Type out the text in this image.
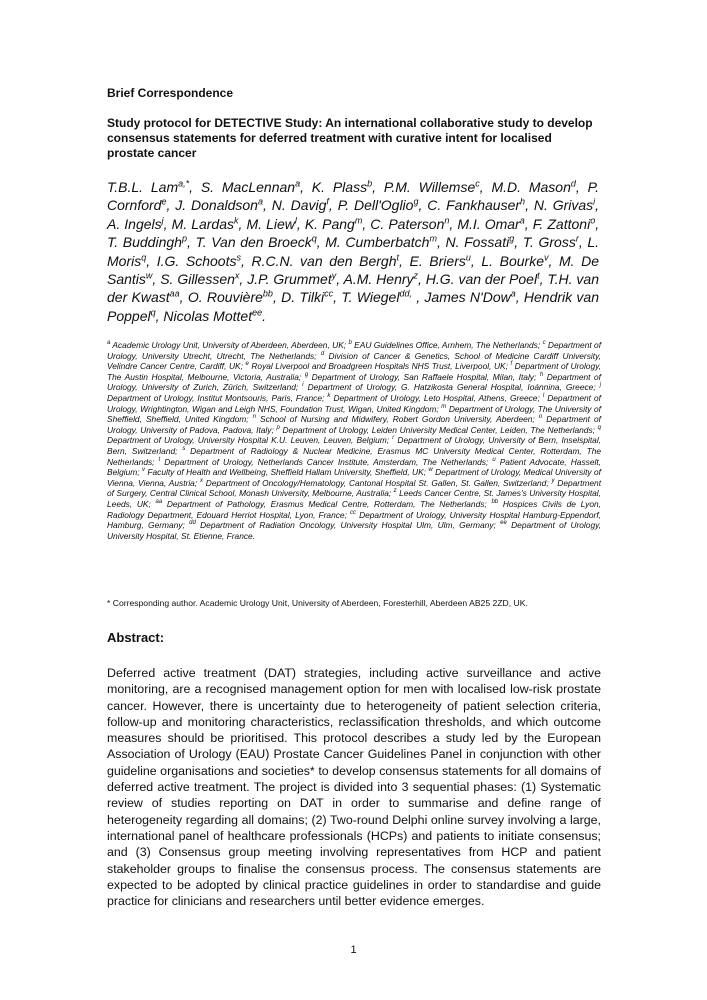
Brief Correspondence
Study protocol for DETECTIVE Study: An international collaborative study to develop consensus statements for deferred treatment with curative intent for localised prostate cancer
T.B.L. Lam$^{a,*}$, S. MacLennan$^a$, K. Plass$^b$, P.M. Willemse$^c$, M.D. Mason$^d$, P. Cornford$^e$, J. Donaldson$^a$, N. Davig$^f$, P. Dell'Oglio$^g$, C. Fankhauser$^h$, N. Grivas$^i$, A. Ingels$^j$, M. Lardas$^k$, M. Liew$^l$, K. Pang$^m$, C. Paterson$^n$, M.I. Omar$^a$, F. Zattoni$^o$, T. Buddingh$^p$, T. Van den Broeck$^q$, M. Cumberbatch$^m$, N. Fossati$^g$, T. Gross$^r$, L. Moris$^q$, I.G. Schoots$^s$, R.C.N. van den Bergh$^t$, E. Briers$^u$, L. Bourke$^v$, M. De Santis$^w$, S. Gillessen$^x$, J.P. Grummet$^y$, A.M. Henry$^z$, H.G. van der Poel$^t$, T.H. van der Kwast$^{aa}$, O. Rouvière$^{bb}$, D. Tilki$^{cc}$, T. Wiegel$^{dd,}$ , James N'Dow$^a$, Hendrik van Poppel$^q$, Nicolas Mottet$^{ee}$.
$^a$ Academic Urology Unit, University of Aberdeen, Aberdeen, UK; $^b$ EAU Guidelines Office, Arnhem, The Netherlands; $^c$ Department of Urology, University Utrecht, Utrecht, The Netherlands; $^d$ Division of Cancer & Genetics, School of Medicine Cardiff University, Velindre Cancer Centre, Cardiff, UK; $^e$ Royal Liverpool and Broadgreen Hospitals NHS Trust, Liverpool, UK; $^f$ Department of Urology, The Austin Hospital, Melbourne, Victoria, Australia; $^g$ Department of Urology, San Raffaele Hospital, Milan, Italy; $^h$ Department of Urology, University of Zurich, Zürich, Switzerland; $^i$ Department of Urology, G. Hatzikosta General Hospital, Ioánnina, Greece; $^j$ Department of Urology, Institut Montsouris, Paris, France; $^k$ Department of Urology, Leto Hospital, Athens, Greece; $^l$ Department of Urology, Wrightington, Wigan and Leigh NHS, Foundation Trust, Wigan, United Kingdom; $^m$ Department of Urology, The University of Sheffield, Sheffield, United Kingdom; $^n$ School of Nursing and Midwifery, Robert Gordon University, Aberdeen; $^o$ Department of Urology, University of Padova, Padova, Italy; $^p$ Department of Urology, Leiden University Medical Center, Leiden, The Netherlands; $^q$ Department of Urology, University Hospital K.U. Leuven, Leuven, Belgium; $^r$ Department of Urology, University of Bern, Inselspital, Bern, Switzerland; $^s$ Department of Radiology & Nuclear Medicine, Erasmus MC University Medical Center, Rotterdam, The Netherlands; $^t$ Department of Urology, Netherlands Cancer Institute, Amsterdam, The Netherlands; $^u$ Patient Advocate, Hasselt, Belgium; $^v$ Faculty of Health and Wellbeing, Sheffield Hallam University, Sheffield, UK; $^w$ Department of Urology, Medical University of Vienna, Vienna, Austria; $^x$ Department of Oncology/Hematology, Cantonal Hospital St. Gallen, St. Gallen, Switzerland; $^y$ Department of Surgery, Central Clinical School, Monash University, Melbourne, Australia; $^z$ Leeds Cancer Centre, St. James's University Hospital, Leeds, UK; $^{aa}$ Department of Pathology, Erasmus Medical Centre, Rotterdam, The Netherlands; $^{bb}$ Hospices Civils de Lyon, Radiology Department, Edouard Herriot Hospital, Lyon, France; $^{cc}$ Department of Urology, University Hospital Hamburg-Eppendorf, Hamburg, Germany; $^{dd}$ Department of Radiation Oncology, University Hospital Ulm, Ulm, Germany; $^{ee}$ Department of Urology, University Hospital, St. Etienne, France.
* Corresponding author. Academic Urology Unit, University of Aberdeen, Foresterhill, Aberdeen AB25 2ZD, UK.
Abstract:
Deferred active treatment (DAT) strategies, including active surveillance and active monitoring, are a recognised management option for men with localised low-risk prostate cancer. However, there is uncertainty due to heterogeneity of patient selection criteria, follow-up and monitoring characteristics, reclassification thresholds, and which outcome measures should be prioritised. This protocol describes a study led by the European Association of Urology (EAU) Prostate Cancer Guidelines Panel in conjunction with other guideline organisations and societies* to develop consensus statements for all domains of deferred active treatment. The project is divided into 3 sequential phases: (1) Systematic review of studies reporting on DAT in order to summarise and define range of heterogeneity regarding all domains; (2) Two-round Delphi online survey involving a large, international panel of healthcare professionals (HCPs) and patients to initiate consensus; and (3) Consensus group meeting involving representatives from HCP and patient stakeholder groups to finalise the consensus process. The consensus statements are expected to be adopted by clinical practice guidelines in order to standardise and guide practice for clinicians and researchers until better evidence emerges.
1
